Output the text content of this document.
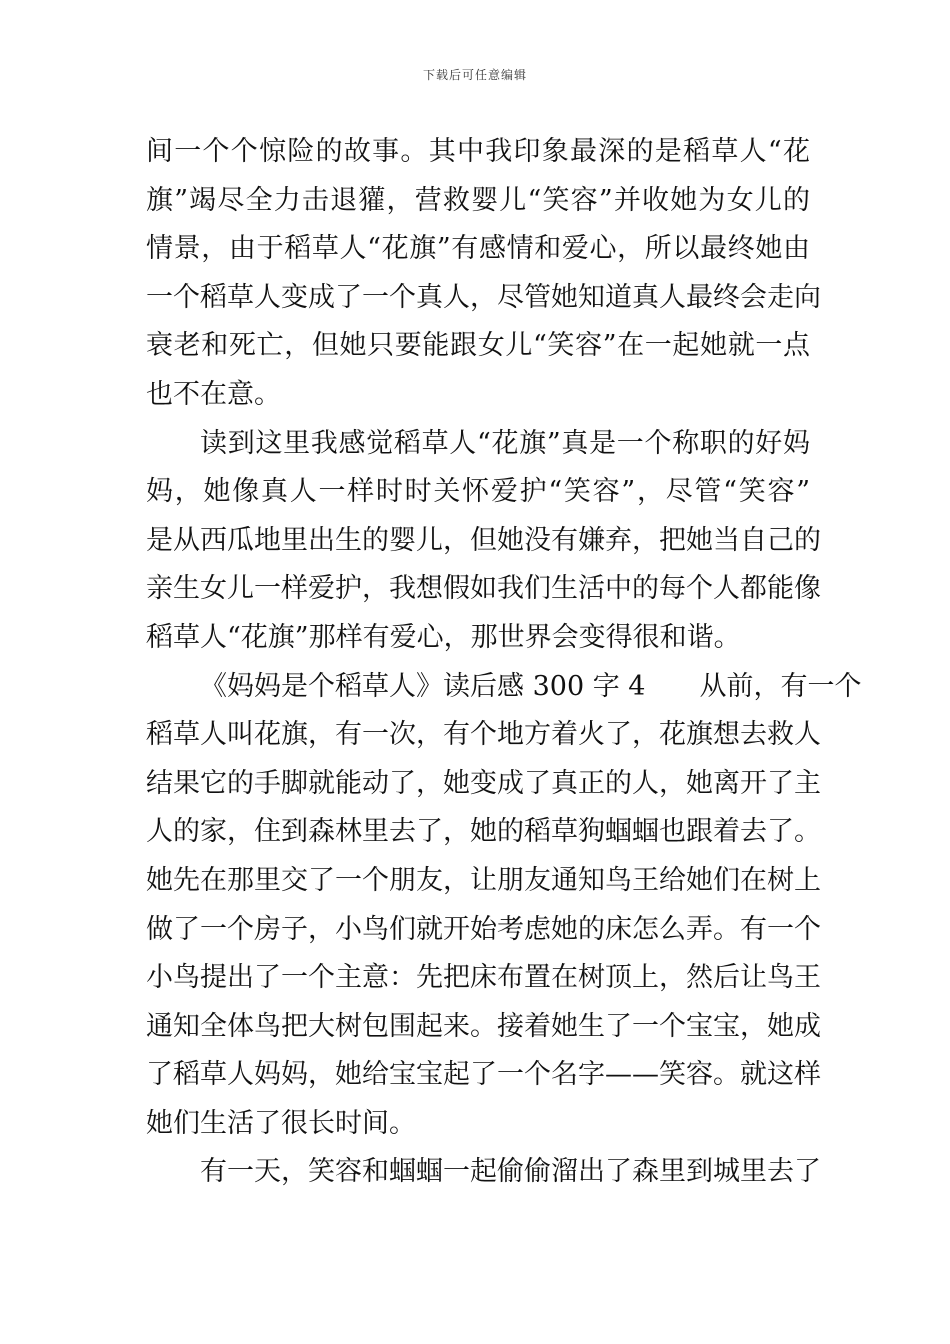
下载后可任意编辑
间一个个惊险的故事。其中我印象最深的是稻草人“花
旗”竭尽全力击退獾，营救婴儿“笑容”并收她为女儿的
情景，由于稻草人“花旗”有感情和爱心，所以最终她由
一个稻草人变成了一个真人，尽管她知道真人最终会走向
衰老和死亡，但她只要能跟女儿“笑容”在一起她就一点
也不在意。
读到这里我感觉稻草人“花旗”真是一个称职的好妈
妈，她像真人一样时时关怀爱护“笑容”，尽管“笑容”
是从西瓜地里出生的婴儿，但她没有嫌弃，把她当自己的
亲生女儿一样爱护，我想假如我们生活中的每个人都能像
稻草人“花旗”那样有爱心，那世界会变得很和谐。
《妈妈是个稻草人》读后感 300 字 4　　从前，有一个
稻草人叫花旗，有一次，有个地方着火了，花旗想去救人
结果它的手脚就能动了，她变成了真正的人，她离开了主
人的家，住到森林里去了，她的稻草狗蝈蝈也跟着去了。
她先在那里交了一个朋友，让朋友通知鸟王给她们在树上
做了一个房子，小鸟们就开始考虑她的床怎么弄。有一个
小鸟提出了一个主意：先把床布置在树顶上，然后让鸟王
通知全体鸟把大树包围起来。接着她生了一个宝宝，她成
了稻草人妈妈，她给宝宝起了一个名字——笑容。就这样
她们生活了很长时间。
有一天，笑容和蝈蝈一起偷偷溜出了森里到城里去了
